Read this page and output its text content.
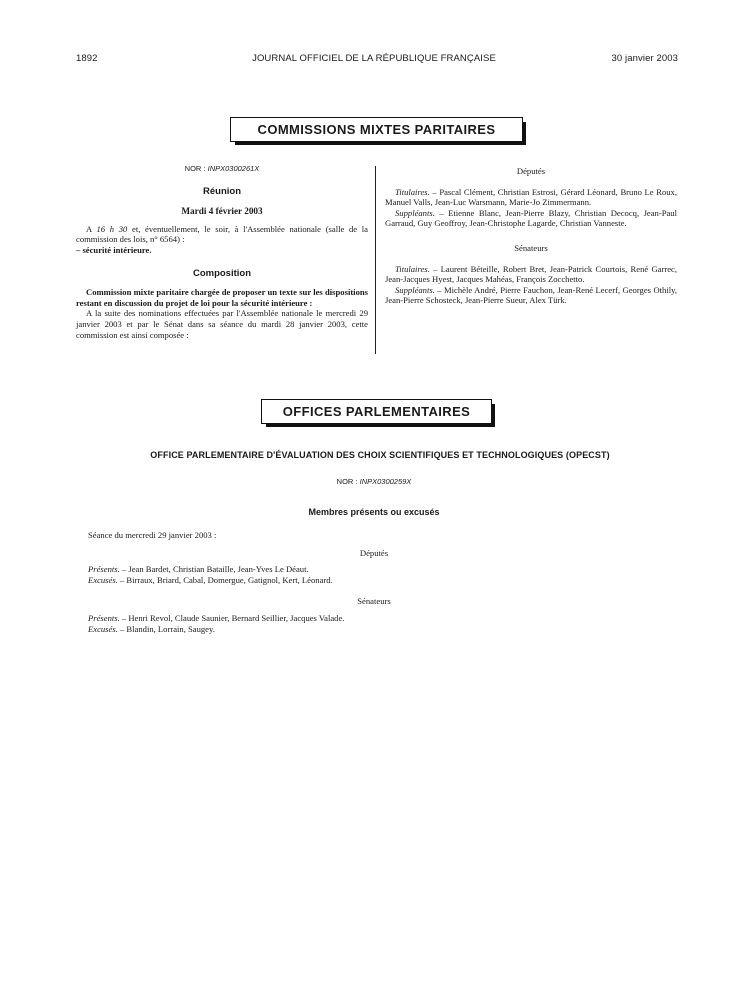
1892	JOURNAL OFFICIEL DE LA RÉPUBLIQUE FRANÇAISE	30 janvier 2003
COMMISSIONS MIXTES PARITAIRES
NOR : INPX0300261X
Réunion
Mardi 4 février 2003

A 16 h 30 et, éventuellement, le soir, à l'Assemblée nationale (salle de la commission des lois, n° 6564) :

– sécurité intérieure.
Composition

Commission mixte paritaire chargée de proposer un texte sur les dispositions restant en discussion du projet de loi pour la sécurité intérieure :

A la suite des nominations effectuées par l'Assemblée nationale le mercredi 29 janvier 2003 et par le Sénat dans sa séance du mardi 28 janvier 2003, cette commission est ainsi composée :

Députés

Titulaires. – Pascal Clément, Christian Estrosi, Gérard Léonard, Bruno Le Roux, Manuel Valls, Jean-Luc Warsmann, Marie-Jo Zimmermann.

Suppléants. – Etienne Blanc, Jean-Pierre Blazy, Christian Decocq, Jean-Paul Garraud, Guy Geoffroy, Jean-Christophe Lagarde, Christian Vanneste.

Sénateurs

Titulaires. – Laurent Béteille, Robert Bret, Jean-Patrick Courtois, René Garrec, Jean-Jacques Hyest, Jacques Mahéas, François Zocchetto.

Suppléants. – Michèle André, Pierre Fauchon, Jean-René Lecerf, Georges Othily, Jean-Pierre Schosteck, Jean-Pierre Sueur, Alex Türk.

OFFICES PARLEMENTAIRES
OFFICE PARLEMENTAIRE D'ÉVALUATION DES CHOIX SCIENTIFIQUES ET TECHNOLOGIQUES (OPECST)
NOR : INPX0300259X
Membres présents ou excusés
Séance du mercredi 29 janvier 2003 :
Députés
Présents. – Jean Bardet, Christian Bataille, Jean-Yves Le Déaut.
Excusés. – Birraux, Briard, Cabal, Domergue, Gatignol, Kert, Léonard.
Sénateurs
Présents. – Henri Revol, Claude Saunier, Bernard Seillier, Jacques Valade.
Excusés. – Blandin, Lorrain, Saugey.
